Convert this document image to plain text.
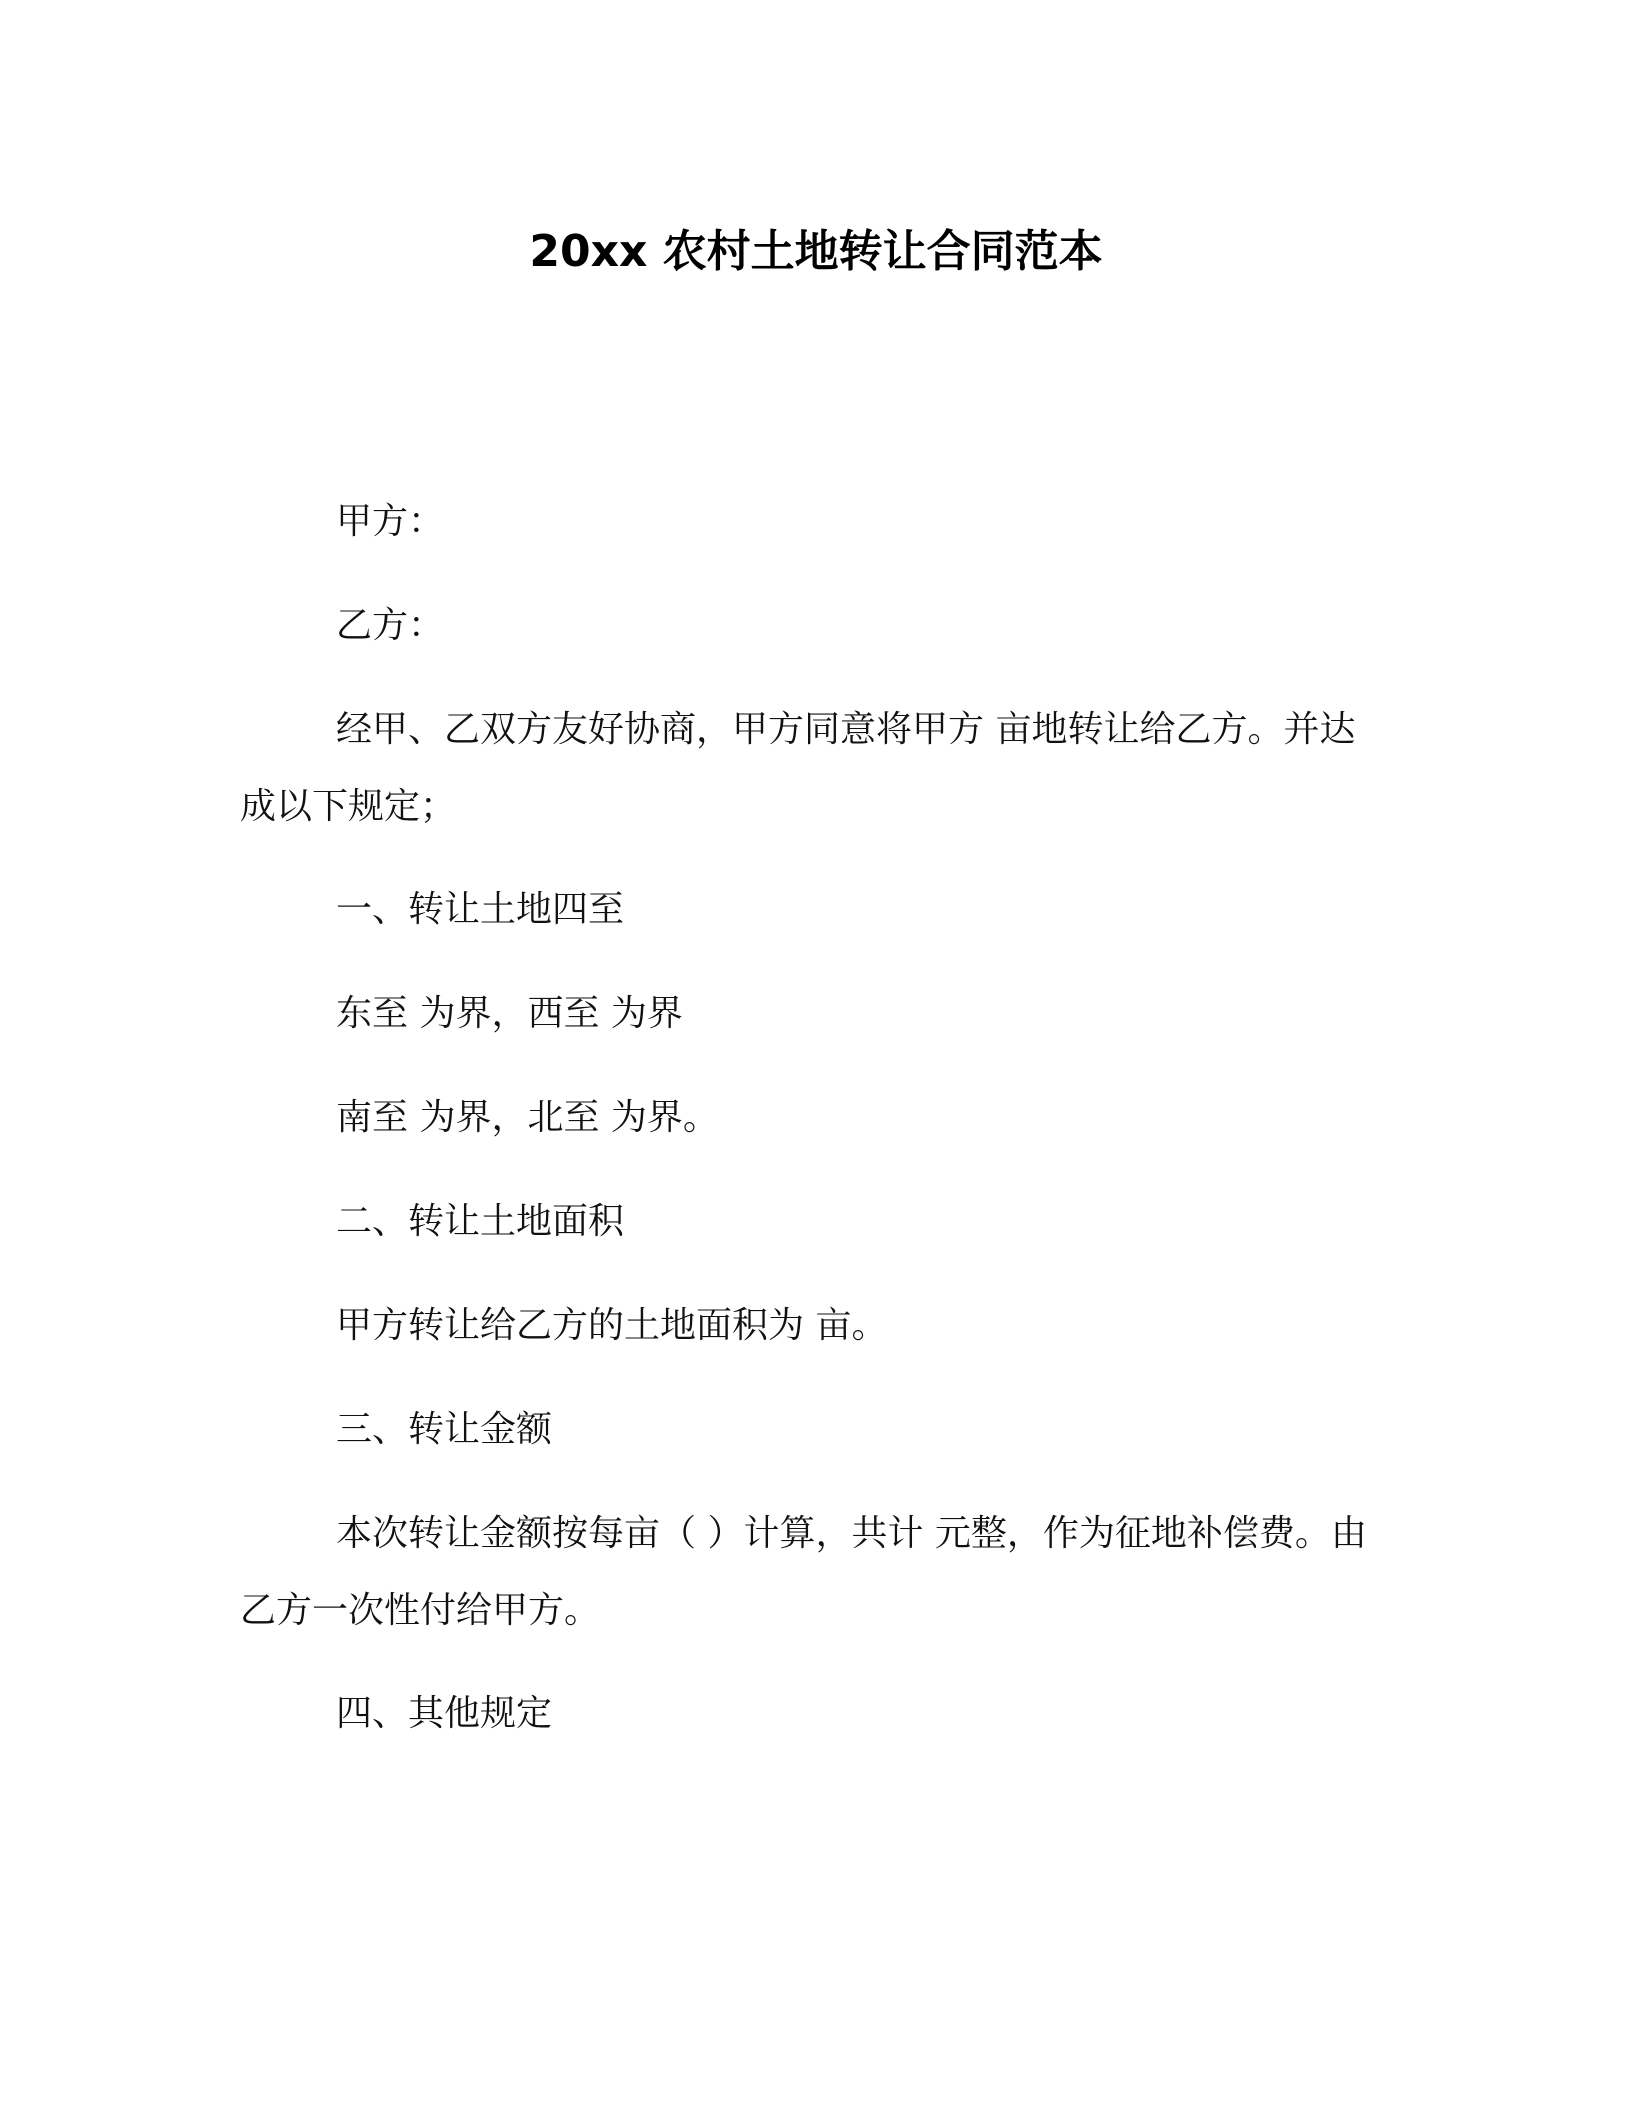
20xx 农村土地转让合同范本

甲方：

乙方：

经甲、乙双方友好协商，甲方同意将甲方 亩地转让给乙方。并达成以下规定；

一、转让土地四至

东至 为界，西至 为界

南至 为界，北至 为界。

二、转让土地面积

甲方转让给乙方的土地面积为 亩。

三、转让金额

本次转让金额按每亩（ ）计算，共计 元整，作为征地补偿费。由乙方一次性付给甲方。

四、其他规定
